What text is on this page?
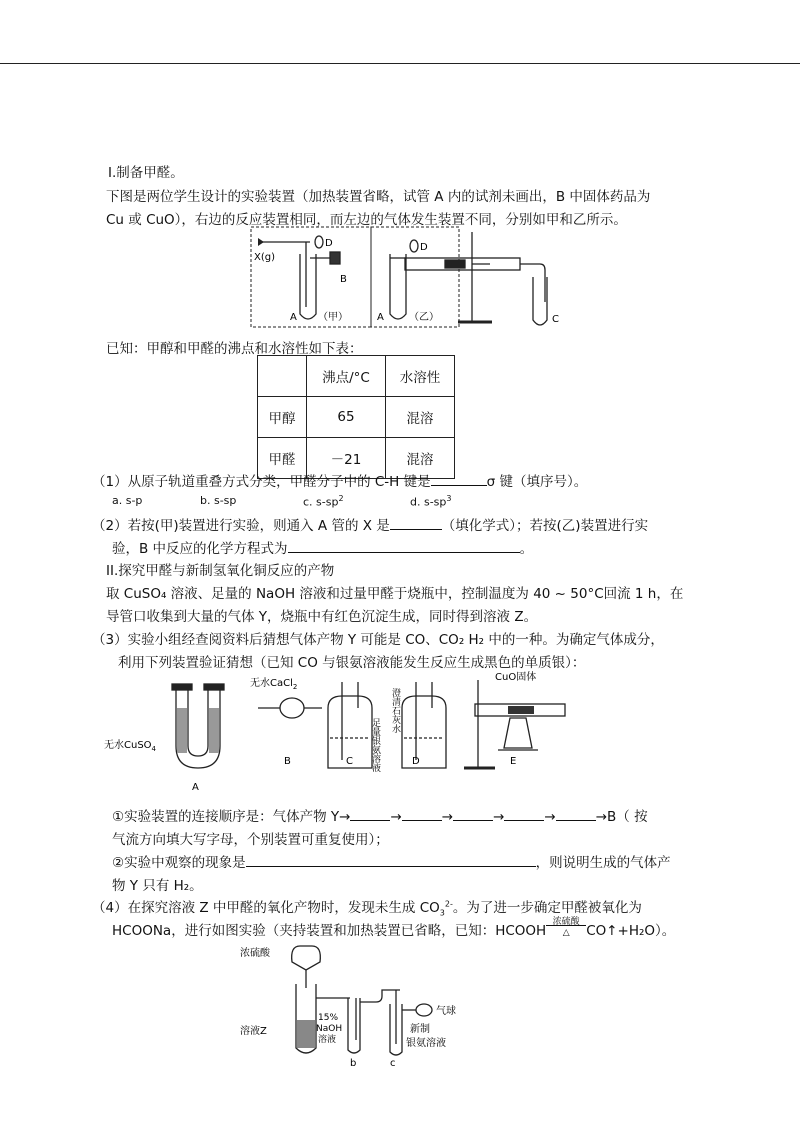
I.制备甲醛。
下图是两位学生设计的实验装置（加热装置省略，试管 A 内的试剂未画出，B 中固体药品为
Cu 或 CuO），右边的反应装置相同，而左边的气体发生装置不同，分别如甲和乙所示。
X(g)
A （甲）
D
B
A	（乙）
D
C
已知：甲醇和甲醛的沸点和水溶性如下表：
	沸点/°C	水溶性
甲醇	65	混溶
甲醛	－21	混溶
（1）从原子轨道重叠方式分类，甲醛分子中的 C-H 键是	σ 键（填序号）。
a. s-p	b. s-sp	c. $s-sp^2$	d. $s-sp^3$
（2）若按(甲)装置进行实验，则通入 A 管的 X 是	（填化学式）；若按(乙)装置进行实
验，B 中反应的化学方程式为	。
II.探究甲醛与新制氢氧化铜反应的产物
取 CuSO₄ 溶液、足量的 NaOH 溶液和过量甲醛于烧瓶中，控制温度为 40 ~ 50°C回流 1 h，在
导管口收集到大量的气体 Y，烧瓶中有红色沉淀生成，同时得到溶液 Z。
（3）实验小组经查阅资料后猜想气体产物 Y 可能是 CO、CO₂ H₂ 中的一种。为确定气体成分，
利用下列装置验证猜想（已知 CO 与银氨溶液能发生反应生成黑色的单质银）：
无水CuSO$_4$
无水CaCl$_2$
CuO固体
足量银氨溶液
澄清石灰水
A
B	C	D	E
①实验装置的连接顺序是：气体产物 Y→	→	→	→	→	→B（ 按
气流方向填大写字母，个别装置可重复使用）；
②实验中观察的现象是	，则说明生成的气体产
物 Y 只有 H₂。
（4）在探究溶液 Z 中甲醛的氧化产物时，发现未生成 $CO_3^{2-}$。为了进一步确定甲醛被氧化为
HCOONa，进行如图实验（夹持装置和加热装置已省略，已知：HCOOH
浓硫酸
△	CO↑+H₂O）。
浓硫酸
溶液Z
15%
NaOH
溶液
b	c
气球
新制
银氨溶液
